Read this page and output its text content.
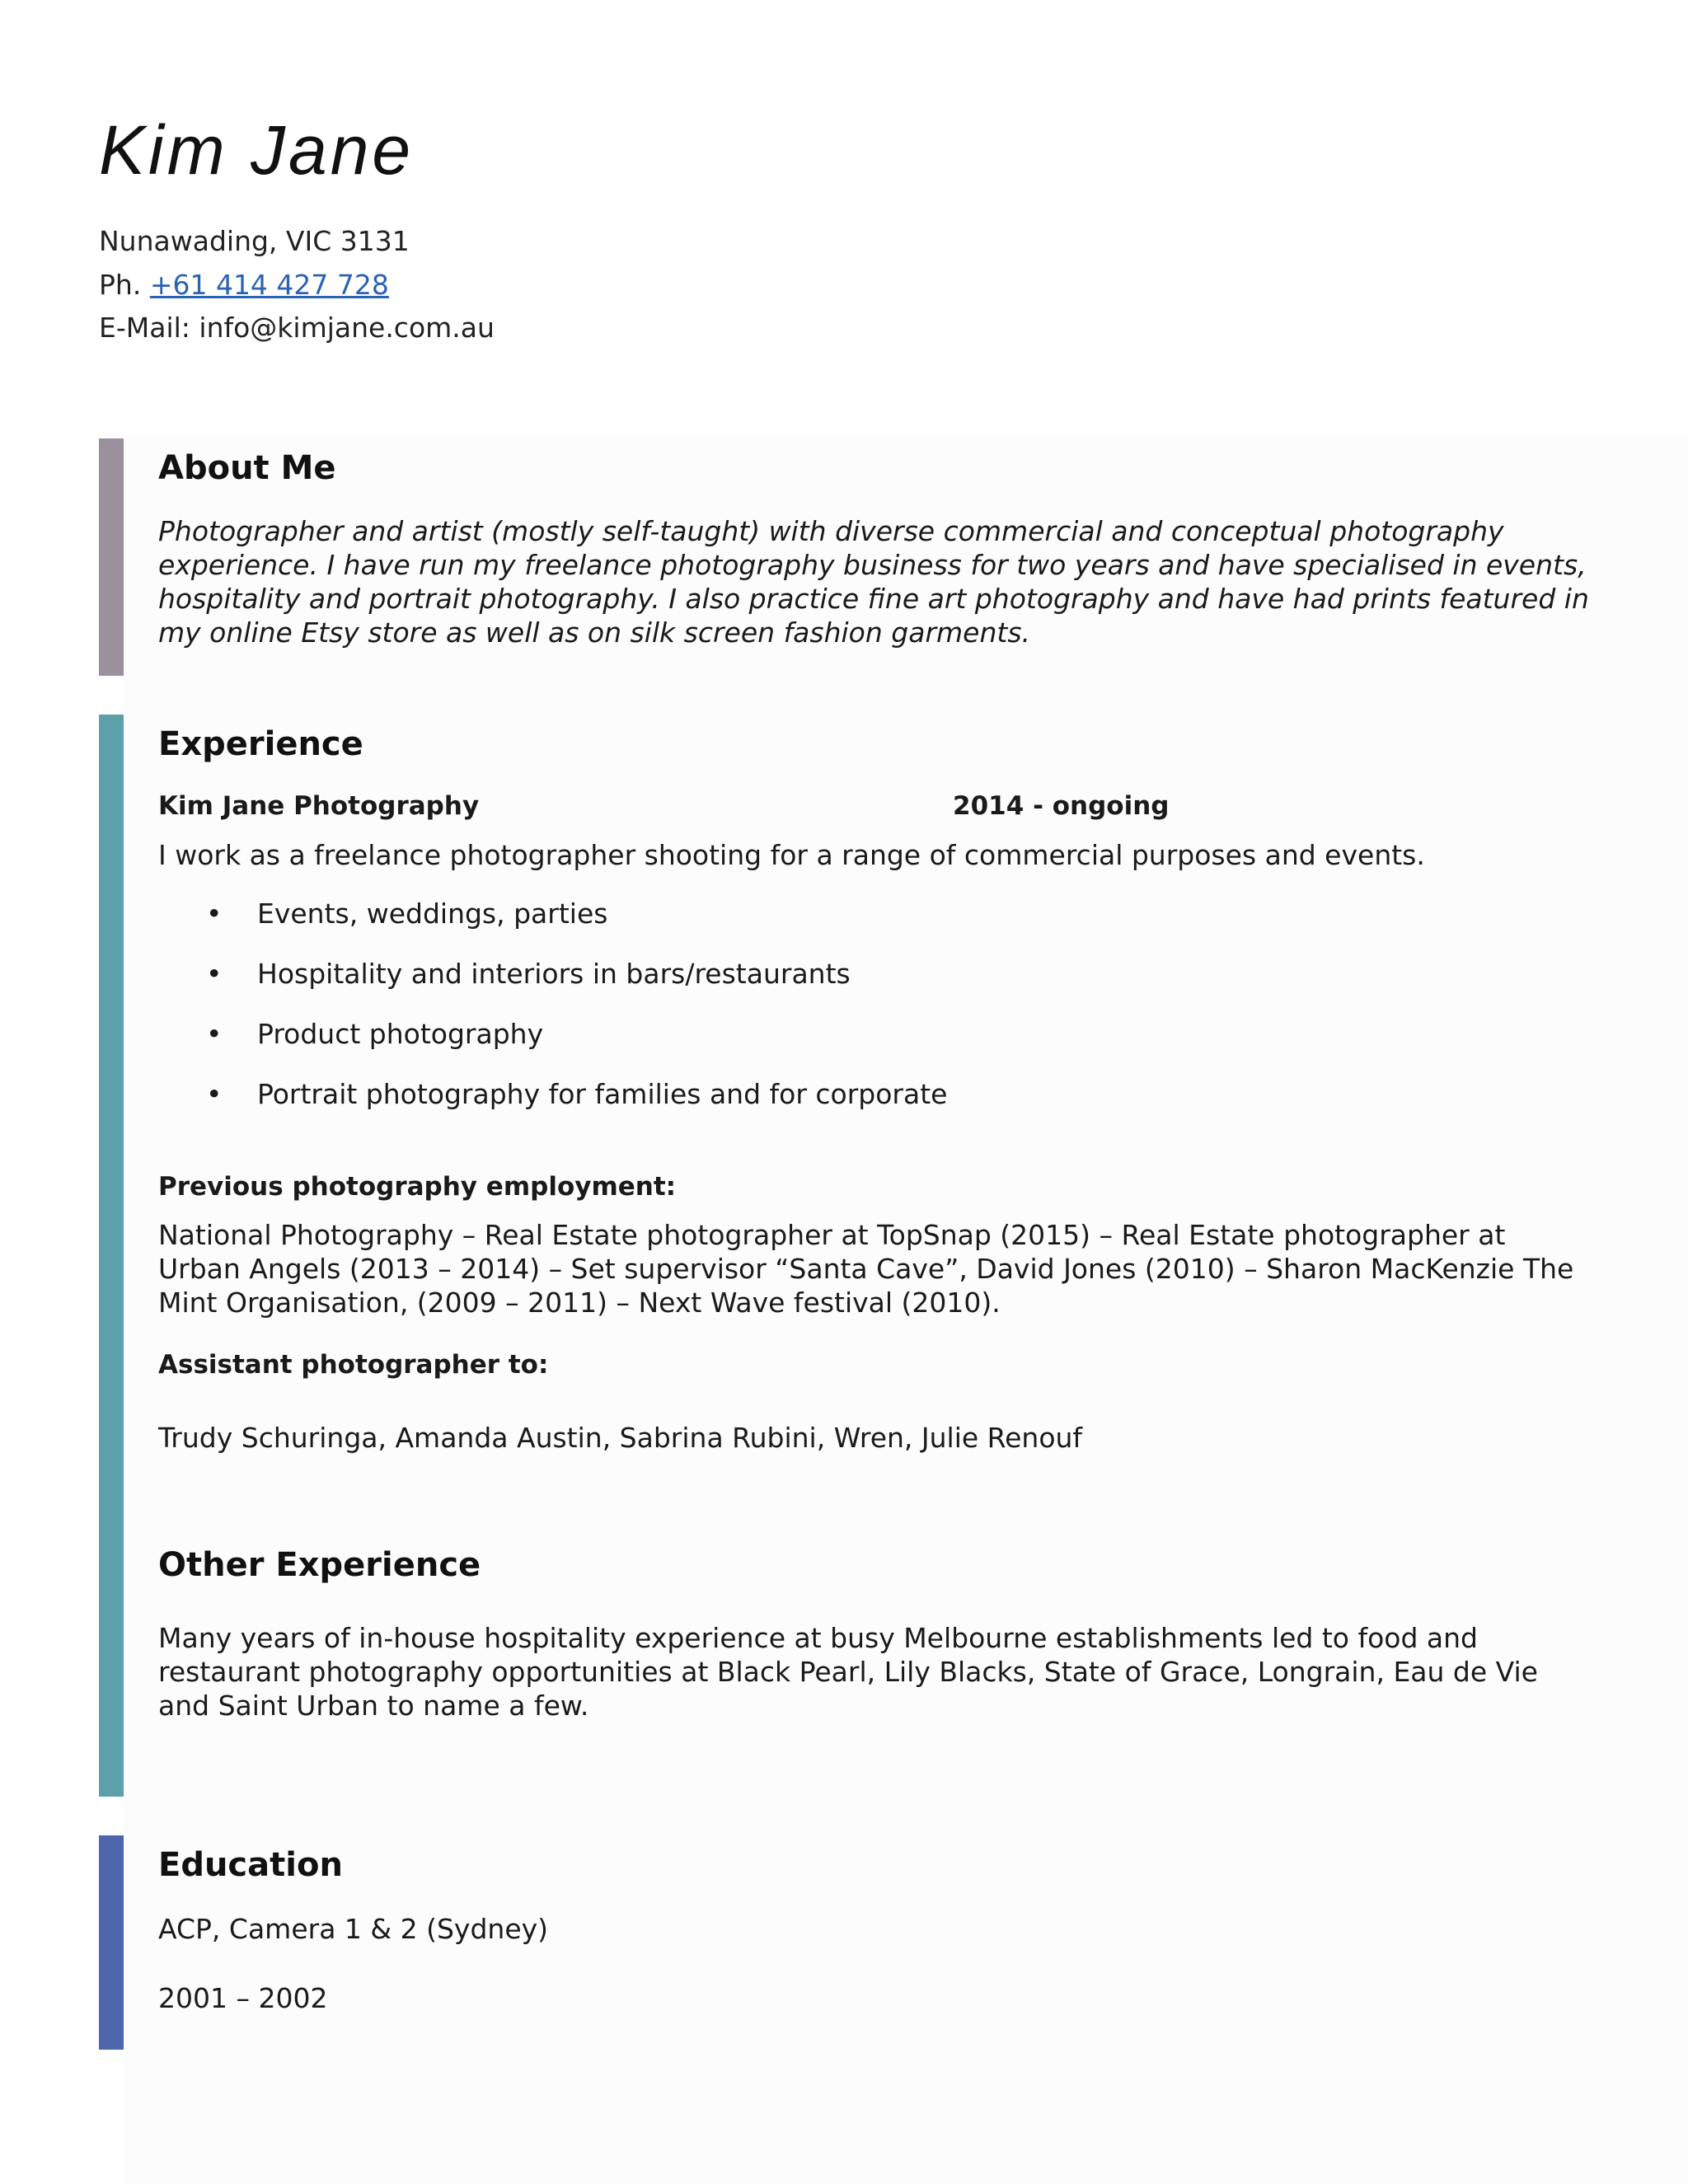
Kim Jane
Nunawading, VIC 3131
Ph. +61 414 427 728
E-Mail: info@kimjane.com.au
About Me

Photographer and artist (mostly self-taught) with diverse commercial and conceptual photography experience. I have run my freelance photography business for two years and have specialised in events, hospitality and portrait photography. I also practice fine art photography and have had prints featured in my online Etsy store as well as on silk screen fashion garments.

Experience
Kim Jane Photography	2014 - ongoing

I work as a freelance photographer shooting for a range of commercial purposes and events.

• Events, weddings, parties
• Hospitality and interiors in bars/restaurants
• Product photography
• Portrait photography for families and for corporate

Previous photography employment:

National Photography – Real Estate photographer at TopSnap (2015) – Real Estate photographer at Urban Angels (2013 – 2014) – Set supervisor “Santa Cave”, David Jones (2010) – Sharon MacKenzie The Mint Organisation, (2009 – 2011) – Next Wave festival (2010).

Assistant photographer to:

Trudy Schuringa, Amanda Austin, Sabrina Rubini, Wren, Julie Renouf

Other Experience

Many years of in-house hospitality experience at busy Melbourne establishments led to food and restaurant photography opportunities at Black Pearl, Lily Blacks, State of Grace, Longrain, Eau de Vie and Saint Urban to name a few.

Education

ACP, Camera 1 & 2 (Sydney)

2001 – 2002
